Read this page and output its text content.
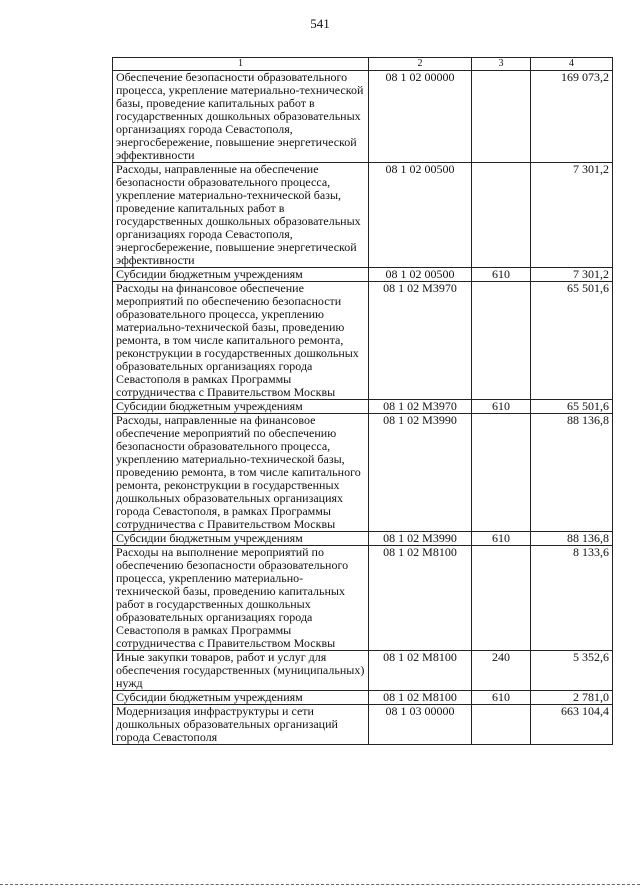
541
1	2	3	4
Обеспечение безопасности образовательного процесса, укрепление материально-технической базы, проведение капитальных работ в государственных дошкольных образовательных организациях города Севастополя, энергосбережение, повышение энергетической эффективности	08 1 02 00000		169 073,2
Расходы, направленные на обеспечение безопасности образовательного процесса, укрепление материально-технической базы, проведение капитальных работ в государственных дошкольных образовательных организациях города Севастополя, энергосбережение, повышение энергетической эффективности	08 1 02 00500		7 301,2
Субсидии бюджетным учреждениям	08 1 02 00500	610	7 301,2
Расходы на финансовое обеспечение мероприятий по обеспечению безопасности образовательного процесса, укреплению материально-технической базы, проведению ремонта, в том числе капитального ремонта, реконструкции в государственных дошкольных образовательных организациях города Севастополя в рамках Программы сотрудничества с Правительством Москвы	08 1 02 М3970		65 501,6
Субсидии бюджетным учреждениям	08 1 02 М3970	610	65 501,6
Расходы, направленные на финансовое обеспечение мероприятий по обеспечению безопасности образовательного процесса, укреплению материально-технической базы, проведению ремонта, в том числе капитального ремонта, реконструкции в государственных дошкольных образовательных организациях города Севастополя, в рамках Программы сотрудничества с Правительством Москвы	08 1 02 М3990		88 136,8
Субсидии бюджетным учреждениям	08 1 02 М3990	610	88 136,8
Расходы на выполнение мероприятий по обеспечению безопасности образовательного процесса, укреплению материально-технической базы, проведению капитальных работ в государственных дошкольных образовательных организациях города Севастополя в рамках Программы сотрудничества с Правительством Москвы	08 1 02 М8100		8 133,6
Иные закупки товаров, работ и услуг для обеспечения государственных (муниципальных) нужд	08 1 02 М8100	240	5 352,6
Субсидии бюджетным учреждениям	08 1 02 М8100	610	2 781,0
Модернизация инфраструктуры и сети дошкольных образовательных организаций города Севастополя	08 1 03 00000		663 104,4
